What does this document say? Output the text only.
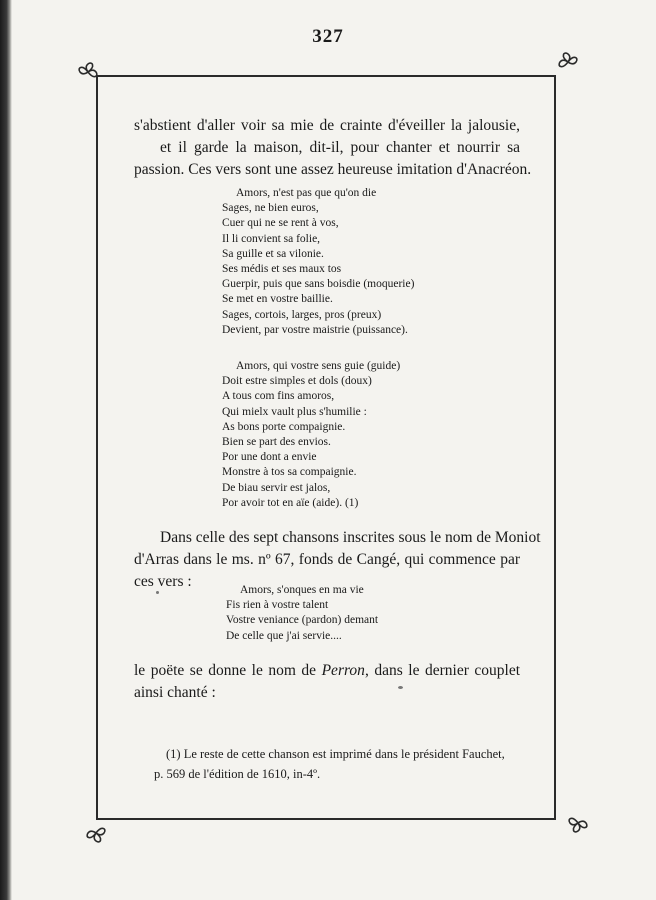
327
s'abstient d'aller voir sa mie de crainte d'éveiller la jalousie,
et il garde la maison, dit-il, pour chanter et nourrir sa
passion. Ces vers sont une assez heureuse imitation d'Anacréon.
Amors, n'est pas que qu'on die
Sages, ne bien euros,
Cuer qui ne se rent à vos,
Il li convient sa folie,
Sa guille et sa vilonie.
Ses médis et ses maux tos
Guerpir, puis que sans boisdie (moquerie)
Se met en vostre baillie.
Sages, cortois, larges, pros (preux)
Devient, par vostre maistrie (puissance).
Amors, qui vostre sens guie (guide)
Doit estre simples et dols (doux)
A tous com fins amoros,
Qui mielx vault plus s'humilie :
As bons porte compaignie.
Bien se part des envios.
Por une dont a envie
Monstre à tos sa compaignie.
De biau servir est jalos,
Por avoir tot en aïe (aide). (1)
Dans celle des sept chansons inscrites sous le nom de Moniot
d'Arras dans le ms. nº 67, fonds de Cangé, qui commence par
ces vers :	Amors, s'onques en ma vie
Fis rien à vostre talent
Vostre veniance (pardon) demant
De celle que j'ai servie....
le poëte se donne le nom de Perron, dans le dernier couplet
ainsi chanté :
(1) Le reste de cette chanson est imprimé dans le président Fauchet,
p. 569 de l'édition de 1610, in-4º.
